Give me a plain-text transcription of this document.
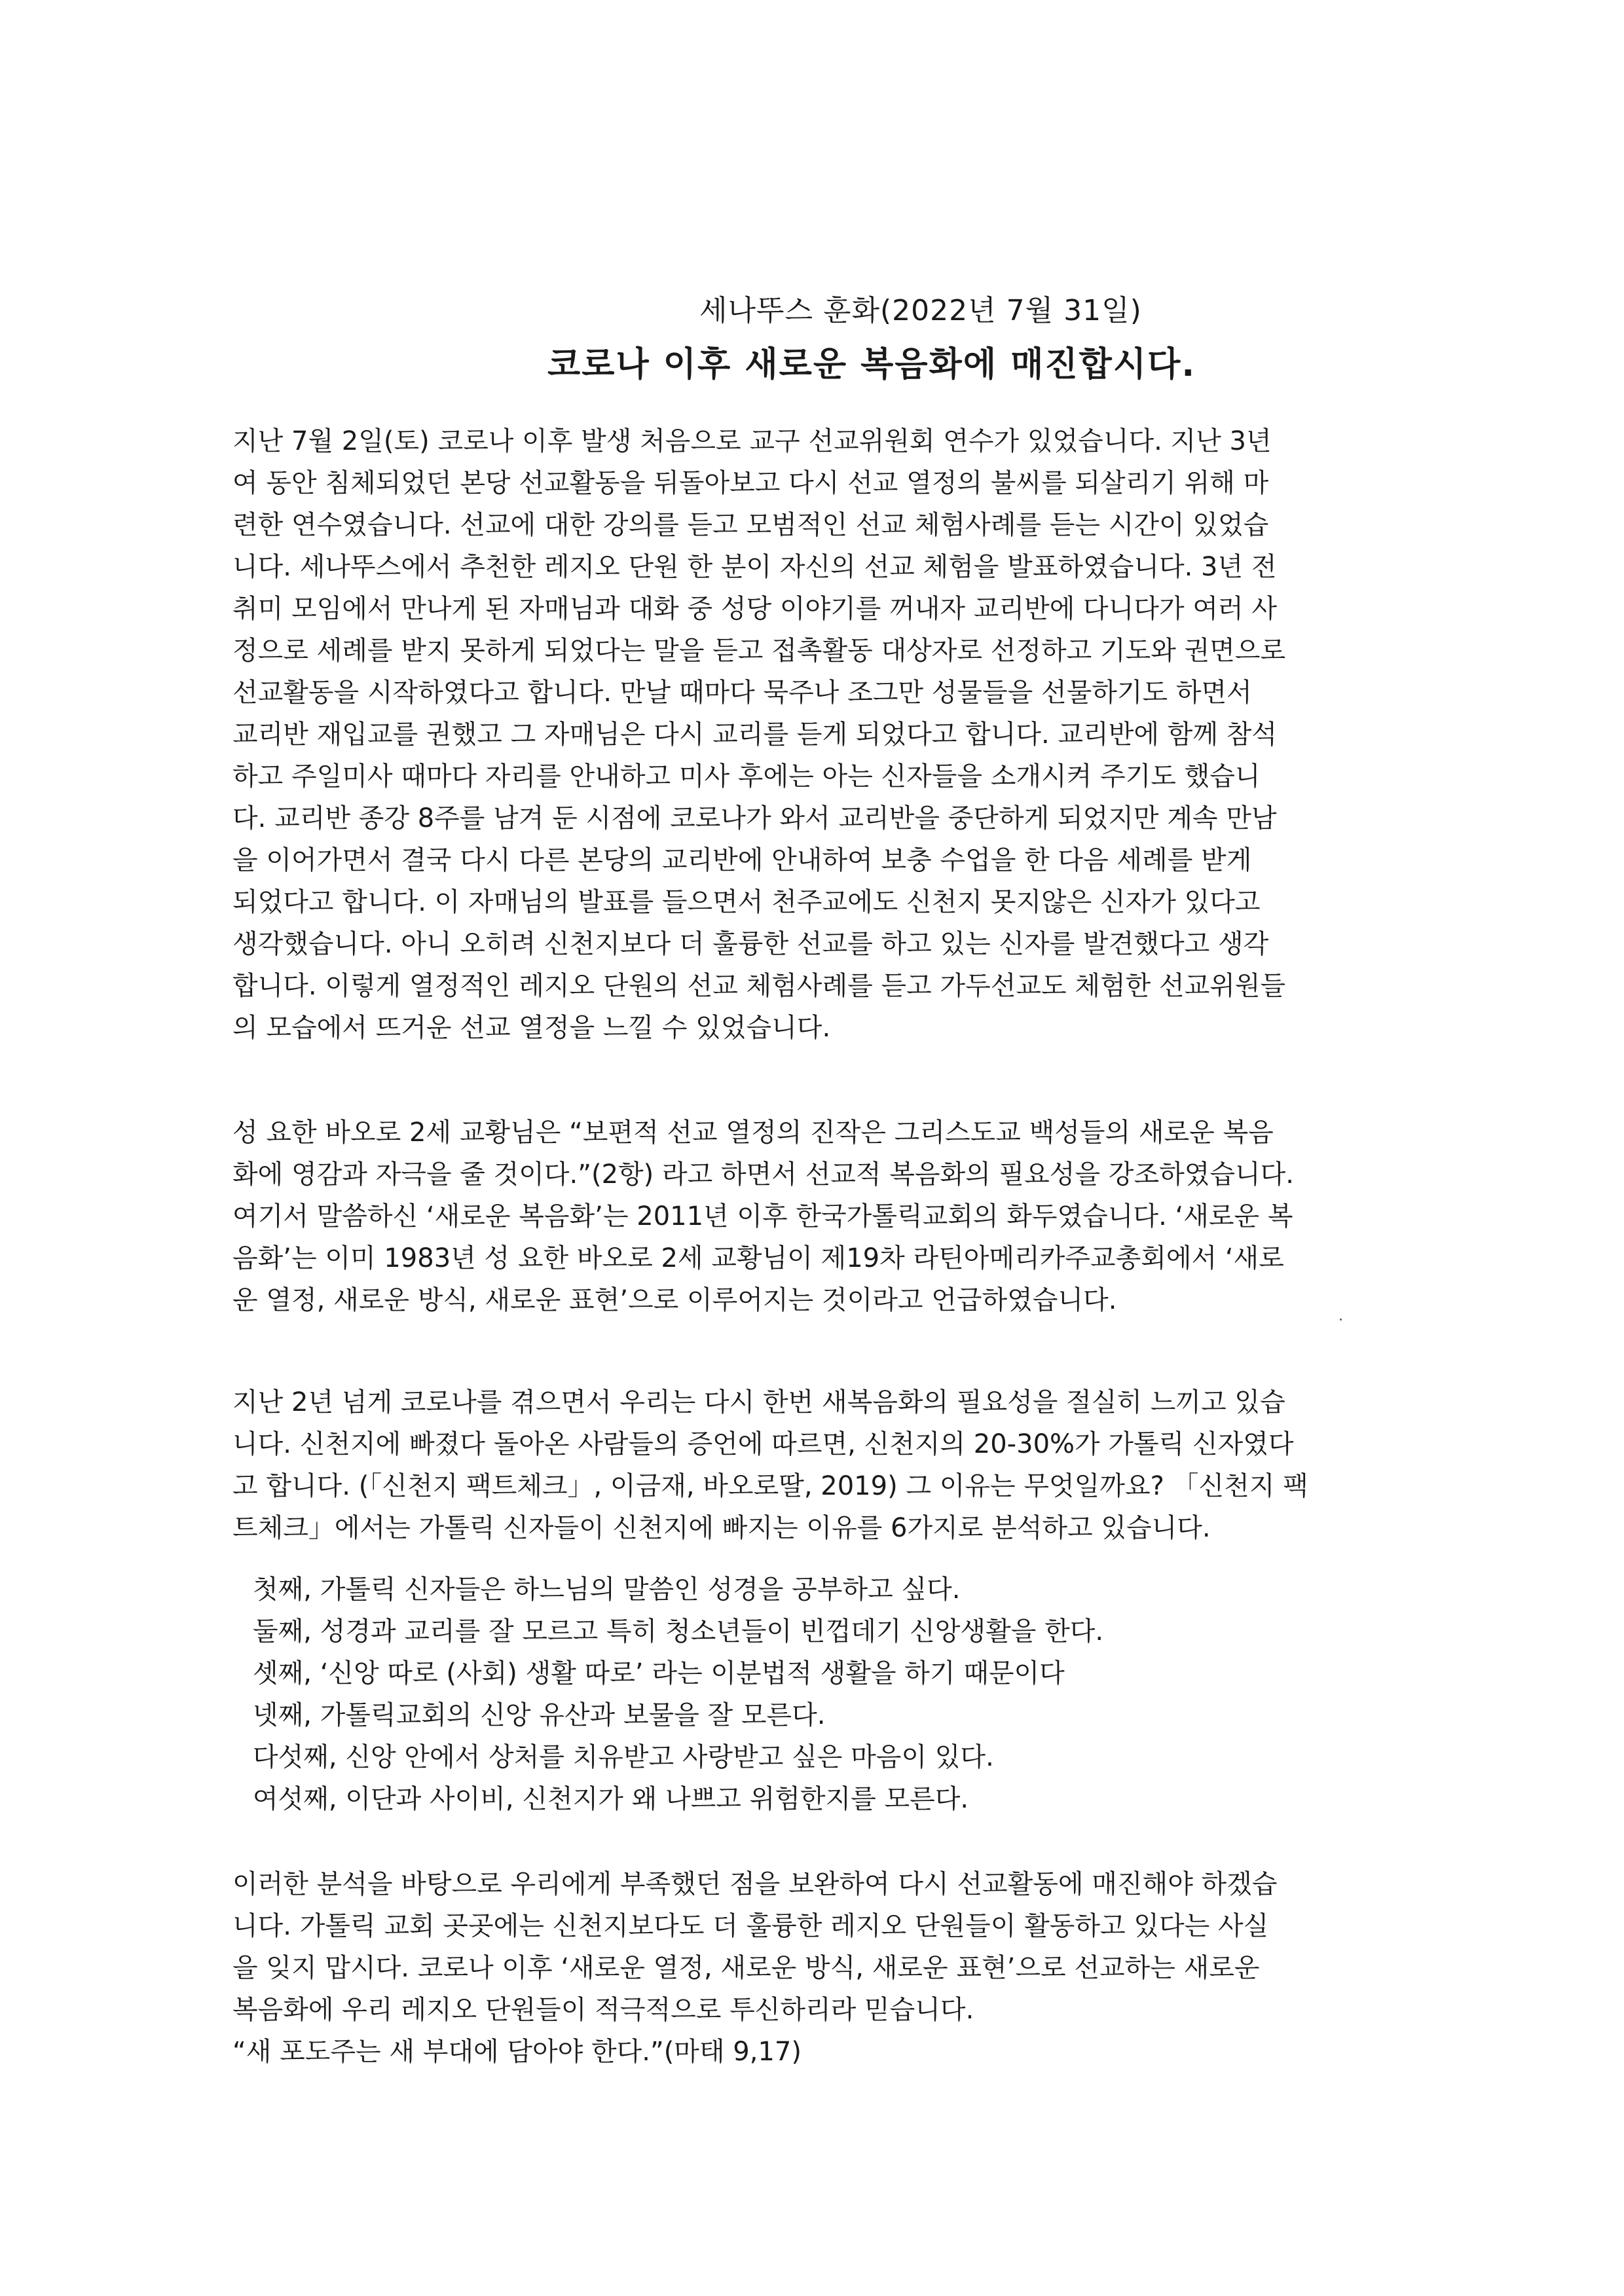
세나뚜스 훈화(2022년 7월 31일)
코로나 이후 새로운 복음화에 매진합시다.
지난 7월 2일(토) 코로나 이후 발생 처음으로 교구 선교위원회 연수가 있었습니다. 지난 3년
여 동안 침체되었던 본당 선교활동을 뒤돌아보고 다시 선교 열정의 불씨를 되살리기 위해 마
련한 연수였습니다. 선교에 대한 강의를 듣고 모범적인 선교 체험사례를 듣는 시간이 있었습
니다. 세나뚜스에서 추천한 레지오 단원 한 분이 자신의 선교 체험을 발표하였습니다. 3년 전
취미 모임에서 만나게 된 자매님과 대화 중 성당 이야기를 꺼내자 교리반에 다니다가 여러 사
정으로 세례를 받지 못하게 되었다는 말을 듣고 접촉활동 대상자로 선정하고 기도와 권면으로
선교활동을 시작하였다고 합니다. 만날 때마다 묵주나 조그만 성물들을 선물하기도 하면서
교리반 재입교를 권했고 그 자매님은 다시 교리를 듣게 되었다고 합니다. 교리반에 함께 참석
하고 주일미사 때마다 자리를 안내하고 미사 후에는 아는 신자들을 소개시켜 주기도 했습니
다. 교리반 종강 8주를 남겨 둔 시점에 코로나가 와서 교리반을 중단하게 되었지만 계속 만남
을 이어가면서 결국 다시 다른 본당의 교리반에 안내하여 보충 수업을 한 다음 세례를 받게
되었다고 합니다. 이 자매님의 발표를 들으면서 천주교에도 신천지 못지않은 신자가 있다고
생각했습니다. 아니 오히려 신천지보다 더 훌륭한 선교를 하고 있는 신자를 발견했다고 생각
합니다. 이렇게 열정적인 레지오 단원의 선교 체험사례를 듣고 가두선교도 체험한 선교위원들
의 모습에서 뜨거운 선교 열정을 느낄 수 있었습니다.
성 요한 바오로 2세 교황님은 “보편적 선교 열정의 진작은 그리스도교 백성들의 새로운 복음
화에 영감과 자극을 줄 것이다.”(2항) 라고 하면서 선교적 복음화의 필요성을 강조하였습니다.
여기서 말씀하신 ‘새로운 복음화’는 2011년 이후 한국가톨릭교회의 화두였습니다. ‘새로운 복
음화’는 이미 1983년 성 요한 바오로 2세 교황님이 제19차 라틴아메리카주교총회에서 ‘새로
운 열정, 새로운 방식, 새로운 표현’으로 이루어지는 것이라고 언급하였습니다.
지난 2년 넘게 코로나를 겪으면서 우리는 다시 한번 새복음화의 필요성을 절실히 느끼고 있습
니다. 신천지에 빠졌다 돌아온 사람들의 증언에 따르면, 신천지의 20-30%가 가톨릭 신자였다
고 합니다. (「신천지 팩트체크」, 이금재, 바오로딸, 2019) 그 이유는 무엇일까요? 「신천지 팩
트체크」에서는 가톨릭 신자들이 신천지에 빠지는 이유를 6가지로 분석하고 있습니다.
첫째, 가톨릭 신자들은 하느님의 말씀인 성경을 공부하고 싶다.
둘째, 성경과 교리를 잘 모르고 특히 청소년들이 빈껍데기 신앙생활을 한다.
셋째, ‘신앙 따로 (사회) 생활 따로’ 라는 이분법적 생활을 하기 때문이다
넷째, 가톨릭교회의 신앙 유산과 보물을 잘 모른다.
다섯째, 신앙 안에서 상처를 치유받고 사랑받고 싶은 마음이 있다.
여섯째, 이단과 사이비, 신천지가 왜 나쁘고 위험한지를 모른다.
이러한 분석을 바탕으로 우리에게 부족했던 점을 보완하여 다시 선교활동에 매진해야 하겠습
니다. 가톨릭 교회 곳곳에는 신천지보다도 더 훌륭한 레지오 단원들이 활동하고 있다는 사실
을 잊지 맙시다. 코로나 이후 ‘새로운 열정, 새로운 방식, 새로운 표현’으로 선교하는 새로운
복음화에 우리 레지오 단원들이 적극적으로 투신하리라 믿습니다.
“새 포도주는 새 부대에 담아야 한다.”(마태 9,17)
